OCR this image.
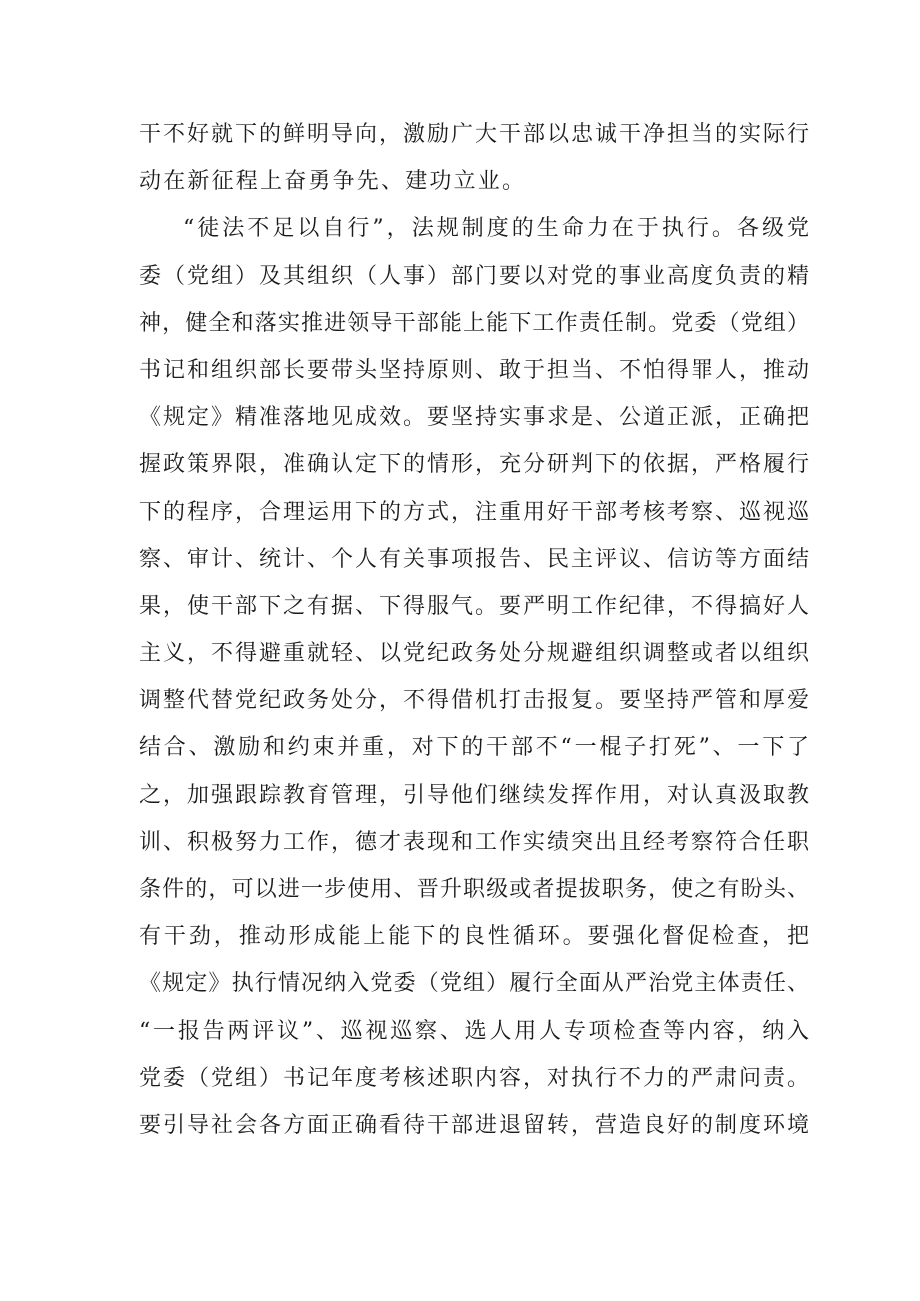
干不好就下的鲜明导向，激励广大干部以忠诚干净担当的实际行
动在新征程上奋勇争先、建功立业。
“徒法不足以自行”，法规制度的生命力在于执行。各级党
委（党组）及其组织（人事）部门要以对党的事业高度负责的精
神，健全和落实推进领导干部能上能下工作责任制。党委（党组）
书记和组织部长要带头坚持原则、敢于担当、不怕得罪人，推动
《规定》精准落地见成效。要坚持实事求是、公道正派，正确把
握政策界限，准确认定下的情形，充分研判下的依据，严格履行
下的程序，合理运用下的方式，注重用好干部考核考察、巡视巡
察、审计、统计、个人有关事项报告、民主评议、信访等方面结
果，使干部下之有据、下得服气。要严明工作纪律，不得搞好人
主义，不得避重就轻、以党纪政务处分规避组织调整或者以组织
调整代替党纪政务处分，不得借机打击报复。要坚持严管和厚爱
结合、激励和约束并重，对下的干部不“一棍子打死”、一下了
之，加强跟踪教育管理，引导他们继续发挥作用，对认真汲取教
训、积极努力工作，德才表现和工作实绩突出且经考察符合任职
条件的，可以进一步使用、晋升职级或者提拔职务，使之有盼头、
有干劲，推动形成能上能下的良性循环。要强化督促检查，把
《规定》执行情况纳入党委（党组）履行全面从严治党主体责任、
“一报告两评议”、巡视巡察、选人用人专项检查等内容，纳入
党委（党组）书记年度考核述职内容，对执行不力的严肃问责。
要引导社会各方面正确看待干部进退留转，营造良好的制度环境
